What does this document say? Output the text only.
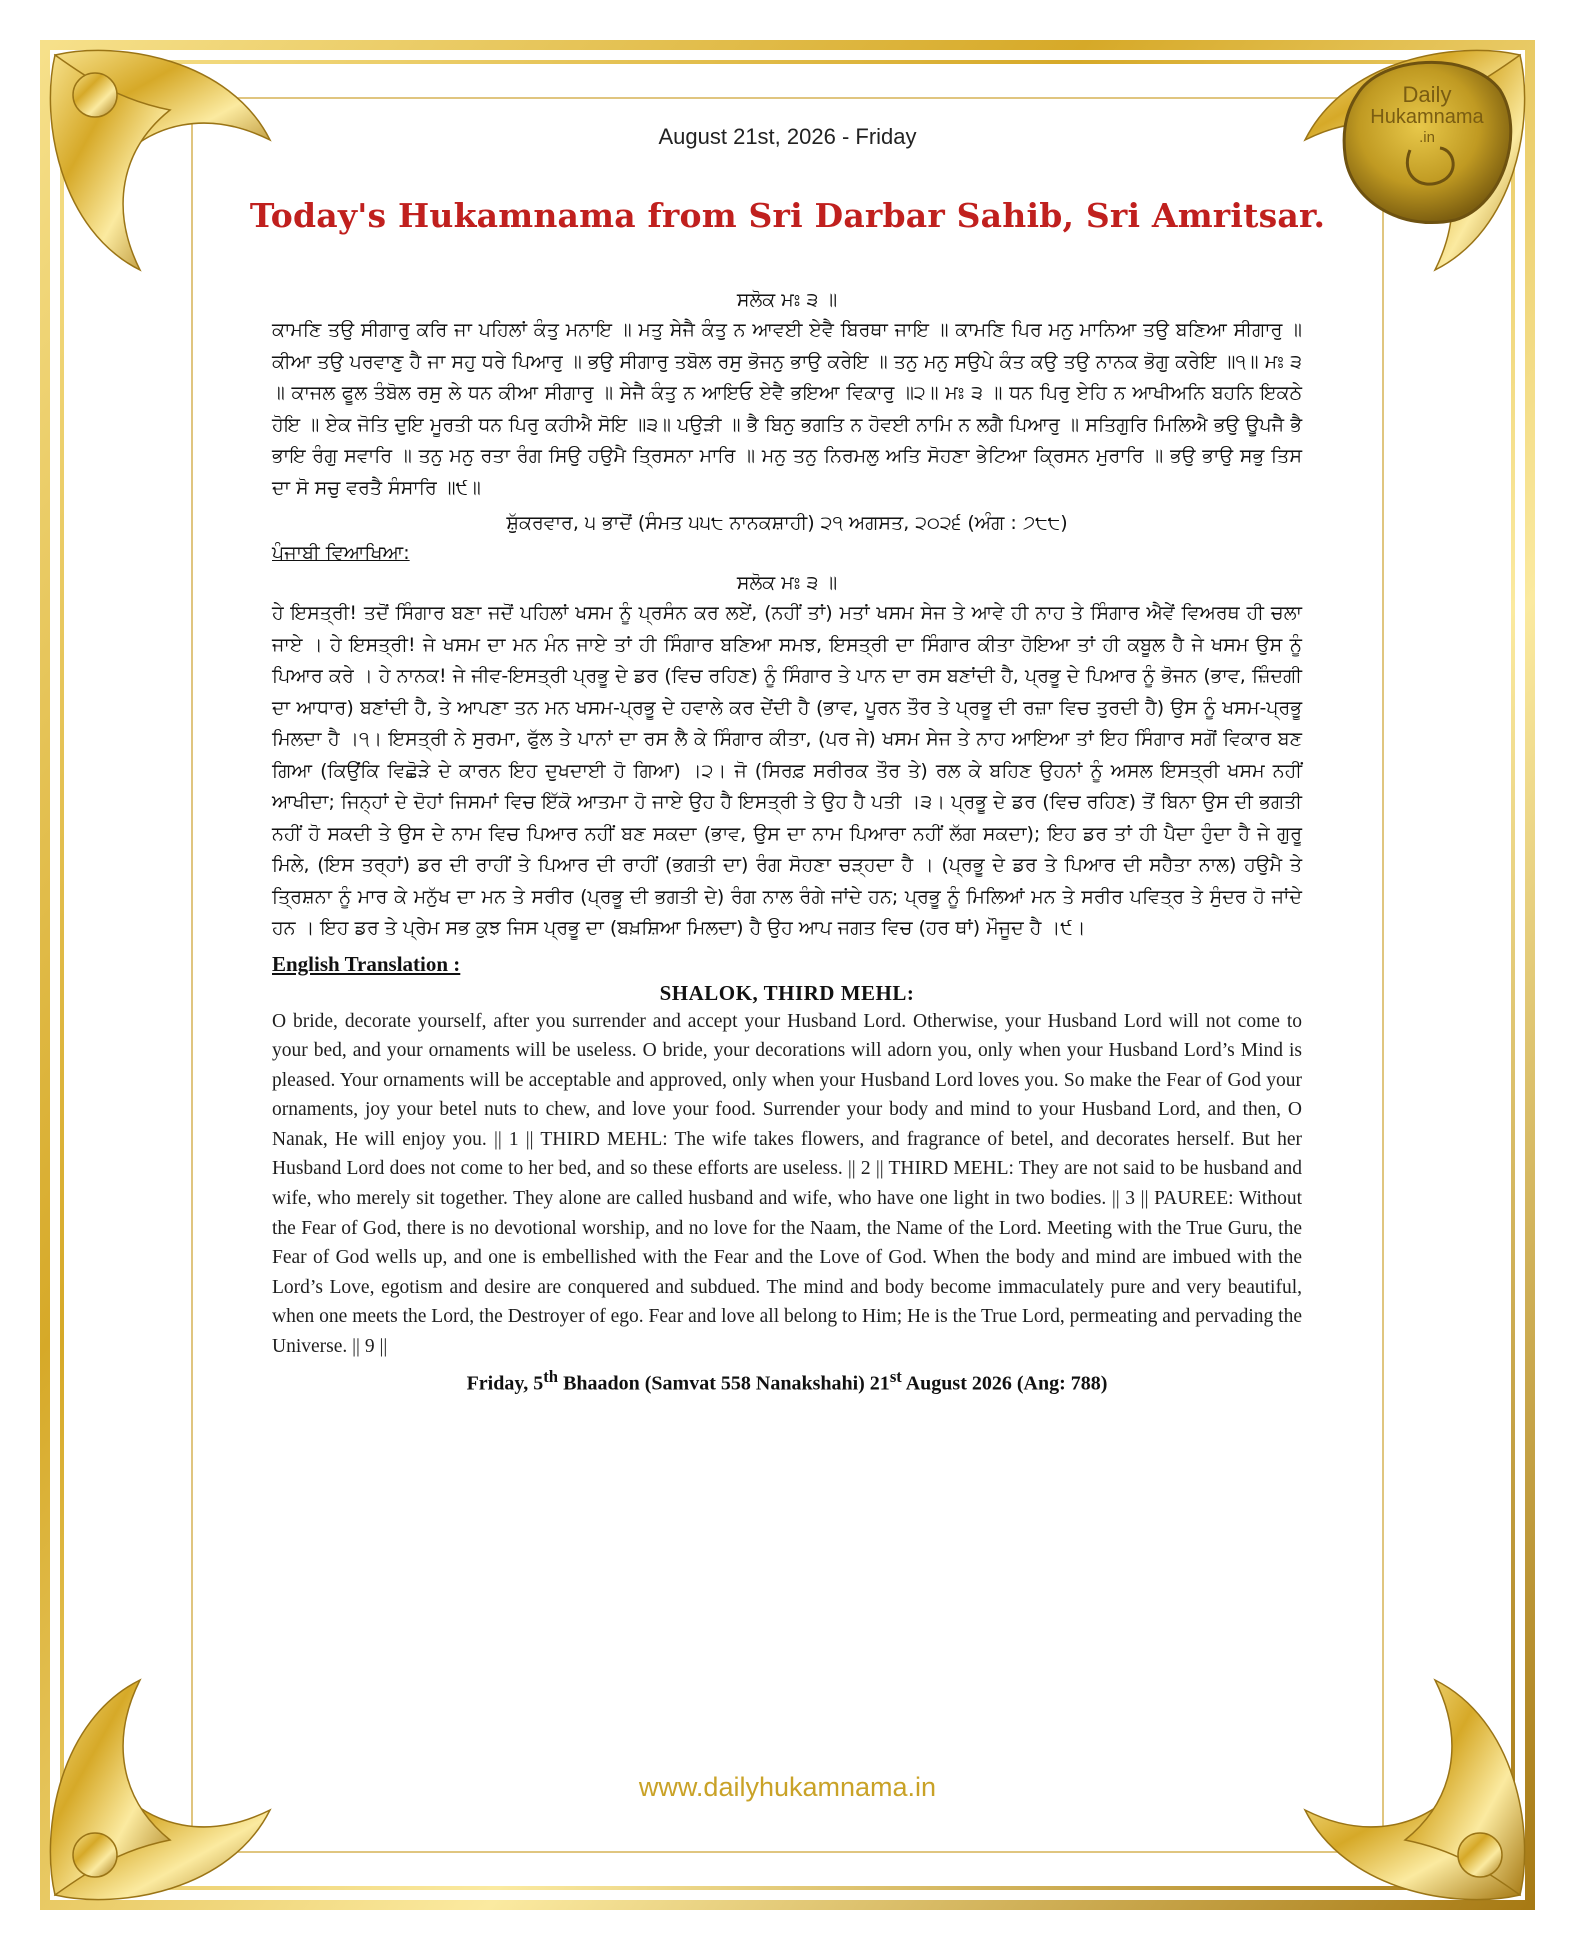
Daily
Hukamnama
.in
August 21st, 2026 - Friday
Today's Hukamnama from Sri Darbar Sahib, Sri Amritsar.
ਸਲੋਕ ਮਃ ੩ ॥
ਕਾਮਣਿ ਤਉ ਸੀਗਾਰੁ ਕਰਿ ਜਾ ਪਹਿਲਾਂ ਕੰਤੁ ਮਨਾਇ ॥ ਮਤੁ ਸੇਜੈ ਕੰਤੁ ਨ ਆਵਈ ਏਵੈ ਬਿਰਥਾ ਜਾਇ ॥ ਕਾਮਣਿ ਪਿਰ ਮਨੁ ਮਾਨਿਆ ਤਉ ਬਣਿਆ ਸੀਗਾਰੁ ॥ ਕੀਆ ਤਉ ਪਰਵਾਣੁ ਹੈ ਜਾ ਸਹੁ ਧਰੇ ਪਿਆਰੁ ॥ ਭਉ ਸੀਗਾਰੁ ਤਬੋਲ ਰਸੁ ਭੋਜਨੁ ਭਾਉ ਕਰੇਇ ॥ ਤਨੁ ਮਨੁ ਸਉਪੇ ਕੰਤ ਕਉ ਤਉ ਨਾਨਕ ਭੋਗੁ ਕਰੇਇ ॥੧॥ ਮਃ ੩ ॥ ਕਾਜਲ ਫੂਲ ਤੰਬੋਲ ਰਸੁ ਲੇ ਧਨ ਕੀਆ ਸੀਗਾਰੁ ॥ ਸੇਜੈ ਕੰਤੁ ਨ ਆਇਓ ਏਵੈ ਭਇਆ ਵਿਕਾਰੁ ॥੨॥ ਮਃ ੩ ॥ ਧਨ ਪਿਰੁ ਏਹਿ ਨ ਆਖੀਅਨਿ ਬਹਨਿ ਇਕਠੇ ਹੋਇ ॥ ਏਕ ਜੋਤਿ ਦੁਇ ਮੂਰਤੀ ਧਨ ਪਿਰੁ ਕਹੀਐ ਸੋਇ ॥੩॥ ਪਉੜੀ ॥ ਭੈ ਬਿਨੁ ਭਗਤਿ ਨ ਹੋਵਈ ਨਾਮਿ ਨ ਲਗੈ ਪਿਆਰੁ ॥ ਸਤਿਗੁਰਿ ਮਿਲਿਐ ਭਉ ਊਪਜੈ ਭੈ ਭਾਇ ਰੰਗੁ ਸਵਾਰਿ ॥ ਤਨੁ ਮਨੁ ਰਤਾ ਰੰਗ ਸਿਉ ਹਉਮੈ ਤ੍ਰਿਸਨਾ ਮਾਰਿ ॥ ਮਨੁ ਤਨੁ ਨਿਰਮਲੁ ਅਤਿ ਸੋਹਣਾ ਭੇਟਿਆ ਕ੍ਰਿਸਨ ਮੁਰਾਰਿ ॥ ਭਉ ਭਾਉ ਸਭੁ ਤਿਸ ਦਾ ਸੋ ਸਚੁ ਵਰਤੈ ਸੰਸਾਰਿ ॥੯॥
ਸ਼ੁੱਕਰਵਾਰ, ੫ ਭਾਦੋਂ (ਸੰਮਤ ੫੫੮ ਨਾਨਕਸ਼ਾਹੀ) ੨੧ ਅਗਸਤ, ੨੦੨੬ (ਅੰਗ : ੭੮੮)
ਪੰਜਾਬੀ ਵਿਆਖਿਆ:
ਸਲੋਕ ਮਃ ੩ ॥
ਹੇ ਇਸਤ੍ਰੀ! ਤਦੋਂ ਸਿੰਗਾਰ ਬਣਾ ਜਦੋਂ ਪਹਿਲਾਂ ਖਸਮ ਨੂੰ ਪ੍ਰਸੰਨ ਕਰ ਲਏਂ, (ਨਹੀਂ ਤਾਂ) ਮਤਾਂ ਖਸਮ ਸੇਜ ਤੇ ਆਵੇ ਹੀ ਨਾਹ ਤੇ ਸਿੰਗਾਰ ਐਵੇਂ ਵਿਅਰਥ ਹੀ ਚਲਾ ਜਾਏ । ਹੇ ਇਸਤ੍ਰੀ! ਜੇ ਖਸਮ ਦਾ ਮਨ ਮੰਨ ਜਾਏ ਤਾਂ ਹੀ ਸਿੰਗਾਰ ਬਣਿਆ ਸਮਝ, ਇਸਤ੍ਰੀ ਦਾ ਸਿੰਗਾਰ ਕੀਤਾ ਹੋਇਆ ਤਾਂ ਹੀ ਕਬੂਲ ਹੈ ਜੇ ਖਸਮ ਉਸ ਨੂੰ ਪਿਆਰ ਕਰੇ । ਹੇ ਨਾਨਕ! ਜੇ ਜੀਵ-ਇਸਤ੍ਰੀ ਪ੍ਰਭੂ ਦੇ ਡਰ (ਵਿਚ ਰਹਿਣ) ਨੂੰ ਸਿੰਗਾਰ ਤੇ ਪਾਨ ਦਾ ਰਸ ਬਣਾਂਦੀ ਹੈ, ਪ੍ਰਭੂ ਦੇ ਪਿਆਰ ਨੂੰ ਭੋਜਨ (ਭਾਵ, ਜ਼ਿੰਦਗੀ ਦਾ ਆਧਾਰ) ਬਣਾਂਦੀ ਹੈ, ਤੇ ਆਪਣਾ ਤਨ ਮਨ ਖਸਮ-ਪ੍ਰਭੂ ਦੇ ਹਵਾਲੇ ਕਰ ਦੇਂਦੀ ਹੈ (ਭਾਵ, ਪੂਰਨ ਤੌਰ ਤੇ ਪ੍ਰਭੂ ਦੀ ਰਜ਼ਾ ਵਿਚ ਤੁਰਦੀ ਹੈ) ਉਸ ਨੂੰ ਖਸਮ-ਪ੍ਰਭੂ ਮਿਲਦਾ ਹੈ ।੧। ਇਸਤ੍ਰੀ ਨੇ ਸੁਰਮਾ, ਫੁੱਲ ਤੇ ਪਾਨਾਂ ਦਾ ਰਸ ਲੈ ਕੇ ਸਿੰਗਾਰ ਕੀਤਾ, (ਪਰ ਜੇ) ਖਸਮ ਸੇਜ ਤੇ ਨਾਹ ਆਇਆ ਤਾਂ ਇਹ ਸਿੰਗਾਰ ਸਗੋਂ ਵਿਕਾਰ ਬਣ ਗਿਆ (ਕਿਉਂਕਿ ਵਿਛੋੜੇ ਦੇ ਕਾਰਨ ਇਹ ਦੁਖਦਾਈ ਹੋ ਗਿਆ) ।੨। ਜੋ (ਸਿਰਫ਼ ਸਰੀਰਕ ਤੌਰ ਤੇ) ਰਲ ਕੇ ਬਹਿਣ ਉਹਨਾਂ ਨੂੰ ਅਸਲ ਇਸਤ੍ਰੀ ਖਸਮ ਨਹੀਂ ਆਖੀਦਾ; ਜਿਨ੍ਹਾਂ ਦੇ ਦੋਹਾਂ ਜਿਸਮਾਂ ਵਿਚ ਇੱਕੋ ਆਤਮਾ ਹੋ ਜਾਏ ਉਹ ਹੈ ਇਸਤ੍ਰੀ ਤੇ ਉਹ ਹੈ ਪਤੀ ।੩। ਪ੍ਰਭੂ ਦੇ ਡਰ (ਵਿਚ ਰਹਿਣ) ਤੋਂ ਬਿਨਾ ਉਸ ਦੀ ਭਗਤੀ ਨਹੀਂ ਹੋ ਸਕਦੀ ਤੇ ਉਸ ਦੇ ਨਾਮ ਵਿਚ ਪਿਆਰ ਨਹੀਂ ਬਣ ਸਕਦਾ (ਭਾਵ, ਉਸ ਦਾ ਨਾਮ ਪਿਆਰਾ ਨਹੀਂ ਲੱਗ ਸਕਦਾ); ਇਹ ਡਰ ਤਾਂ ਹੀ ਪੈਦਾ ਹੁੰਦਾ ਹੈ ਜੇ ਗੁਰੂ ਮਿਲੇ, (ਇਸ ਤਰ੍ਹਾਂ) ਡਰ ਦੀ ਰਾਹੀਂ ਤੇ ਪਿਆਰ ਦੀ ਰਾਹੀਂ (ਭਗਤੀ ਦਾ) ਰੰਗ ਸੋਹਣਾ ਚੜ੍ਹਦਾ ਹੈ । (ਪ੍ਰਭੂ ਦੇ ਡਰ ਤੇ ਪਿਆਰ ਦੀ ਸਹੈਤਾ ਨਾਲ) ਹਉਮੈ ਤੇ ਤ੍ਰਿਸ਼ਨਾ ਨੂੰ ਮਾਰ ਕੇ ਮਨੁੱਖ ਦਾ ਮਨ ਤੇ ਸਰੀਰ (ਪ੍ਰਭੂ ਦੀ ਭਗਤੀ ਦੇ) ਰੰਗ ਨਾਲ ਰੰਗੇ ਜਾਂਦੇ ਹਨ; ਪ੍ਰਭੂ ਨੂੰ ਮਿਲਿਆਂ ਮਨ ਤੇ ਸਰੀਰ ਪਵਿਤ੍ਰ ਤੇ ਸੁੰਦਰ ਹੋ ਜਾਂਦੇ ਹਨ । ਇਹ ਡਰ ਤੇ ਪ੍ਰੇਮ ਸਭ ਕੁਝ ਜਿਸ ਪ੍ਰਭੂ ਦਾ (ਬਖ਼ਸ਼ਿਆ ਮਿਲਦਾ) ਹੈ ਉਹ ਆਪ ਜਗਤ ਵਿਚ (ਹਰ ਥਾਂ) ਮੌਜੂਦ ਹੈ ।੯।
English Translation :
SHALOK, THIRD MEHL:
O bride, decorate yourself, after you surrender and accept your Husband Lord. Otherwise, your Husband Lord will not come to your bed, and your ornaments will be useless. O bride, your decorations will adorn you, only when your Husband Lord’s Mind is pleased. Your ornaments will be acceptable and approved, only when your Husband Lord loves you. So make the Fear of God your ornaments, joy your betel nuts to chew, and love your food. Surrender your body and mind to your Husband Lord, and then, O Nanak, He will enjoy you. || 1 || THIRD MEHL: The wife takes flowers, and fragrance of betel, and decorates herself. But her Husband Lord does not come to her bed, and so these efforts are useless. || 2 || THIRD MEHL: They are not said to be husband and wife, who merely sit together. They alone are called husband and wife, who have one light in two bodies. || 3 || PAUREE: Without the Fear of God, there is no devotional worship, and no love for the Naam, the Name of the Lord. Meeting with the True Guru, the Fear of God wells up, and one is embellished with the Fear and the Love of God. When the body and mind are imbued with the Lord’s Love, egotism and desire are conquered and subdued. The mind and body become immaculately pure and very beautiful, when one meets the Lord, the Destroyer of ego. Fear and love all belong to Him; He is the True Lord, permeating and pervading the Universe. || 9 ||
Friday, 5th Bhaadon (Samvat 558 Nanakshahi) 21st August 2026 (Ang: 788)
www.dailyhukamnama.in
